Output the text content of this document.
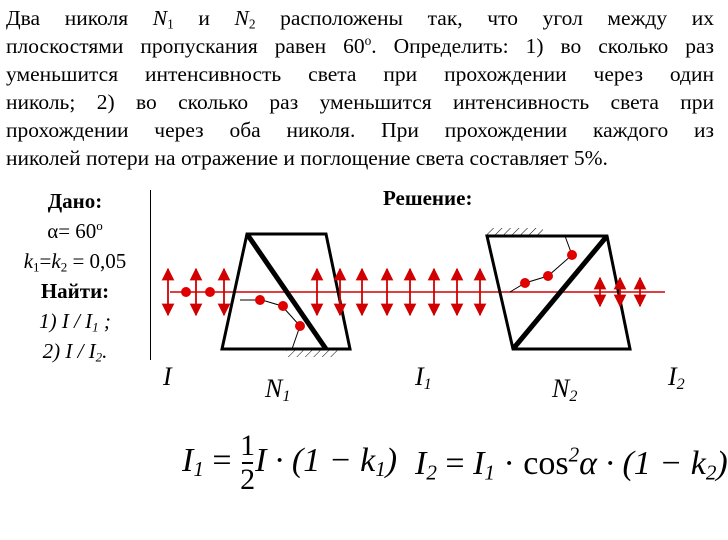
Два николя $N_1$ и $N_2$ расположены так, что угол между их
плоскостями пропускания равен 60$^o$. Определить: 1) во сколько раз
уменьшится интенсивность света при прохождении через один
николь; 2) во сколько раз уменьшится интенсивность света при
прохождении через оба николя. При прохождении каждого из
николей потери на отражение и поглощение света составляет 5%.
Дано:
$\alpha= 60^o$
$k_1=k_2 = 0,05$
Найти:
1) I / $I_1$ ;
2) I / $I_2$.
Решение:
I	$N_1$
$I_1$	$N_2$
$I_2$
$I_1 = \frac{1}{2}$ $I \cdot (1 - k_1)$ $I_2 = I_1 \cdot \cos^2\alpha \cdot (1 - k_2)$
